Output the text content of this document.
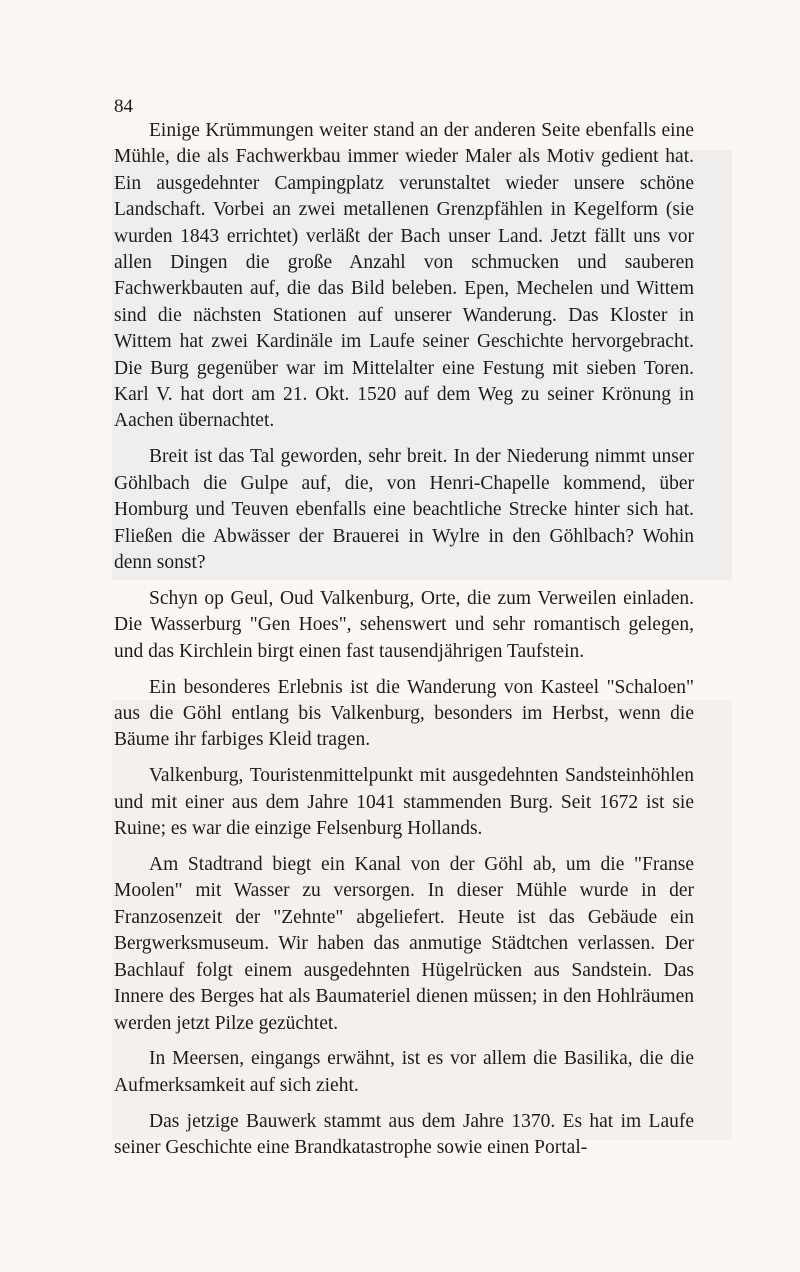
84

Einige Krümmungen weiter stand an der anderen Seite ebenfalls eine Mühle, die als Fachwerkbau immer wieder Maler als Motiv gedient hat. Ein ausgedehnter Campingplatz verunstaltet wieder unsere schöne Landschaft. Vorbei an zwei metallenen Grenzpfählen in Kegelform (sie wurden 1843 errichtet) verläßt der Bach unser Land. Jetzt fällt uns vor allen Dingen die große Anzahl von schmucken und sauberen Fachwerkbauten auf, die das Bild beleben. Epen, Mechelen und Wittem sind die nächsten Stationen auf unserer Wanderung. Das Kloster in Wittem hat zwei Kardinäle im Laufe seiner Geschichte hervorgebracht. Die Burg gegenüber war im Mittelalter eine Festung mit sieben Toren. Karl V. hat dort am 21. Okt. 1520 auf dem Weg zu seiner Krönung in Aachen übernachtet.

Breit ist das Tal geworden, sehr breit. In der Niederung nimmt unser Göhlbach die Gulpe auf, die, von Henri-Chapelle kommend, über Homburg und Teuven ebenfalls eine beachtliche Strecke hinter sich hat. Fließen die Abwässer der Brauerei in Wylre in den Göhlbach? Wohin denn sonst?

Schyn op Geul, Oud Valkenburg, Orte, die zum Verweilen einladen. Die Wasserburg "Gen Hoes", sehenswert und sehr romantisch gelegen, und das Kirchlein birgt einen fast tausendjährigen Taufstein.

Ein besonderes Erlebnis ist die Wanderung von Kasteel "Schaloen" aus die Göhl entlang bis Valkenburg, besonders im Herbst, wenn die Bäume ihr farbiges Kleid tragen.

Valkenburg, Touristenmittelpunkt mit ausgedehnten Sandsteinhöhlen und mit einer aus dem Jahre 1041 stammenden Burg. Seit 1672 ist sie Ruine; es war die einzige Felsenburg Hollands.

Am Stadtrand biegt ein Kanal von der Göhl ab, um die "Franse Moolen" mit Wasser zu versorgen. In dieser Mühle wurde in der Franzosenzeit der "Zehnte" abgeliefert. Heute ist das Gebäude ein Bergwerksmuseum. Wir haben das anmutige Städtchen verlassen. Der Bachlauf folgt einem ausgedehnten Hügelrücken aus Sandstein. Das Innere des Berges hat als Baumateriel dienen müssen; in den Hohlräumen werden jetzt Pilze gezüchtet.

In Meersen, eingangs erwähnt, ist es vor allem die Basilika, die die Aufmerksamkeit auf sich zieht.

Das jetzige Bauwerk stammt aus dem Jahre 1370. Es hat im Laufe seiner Geschichte eine Brandkatastrophe sowie einen Portal-
